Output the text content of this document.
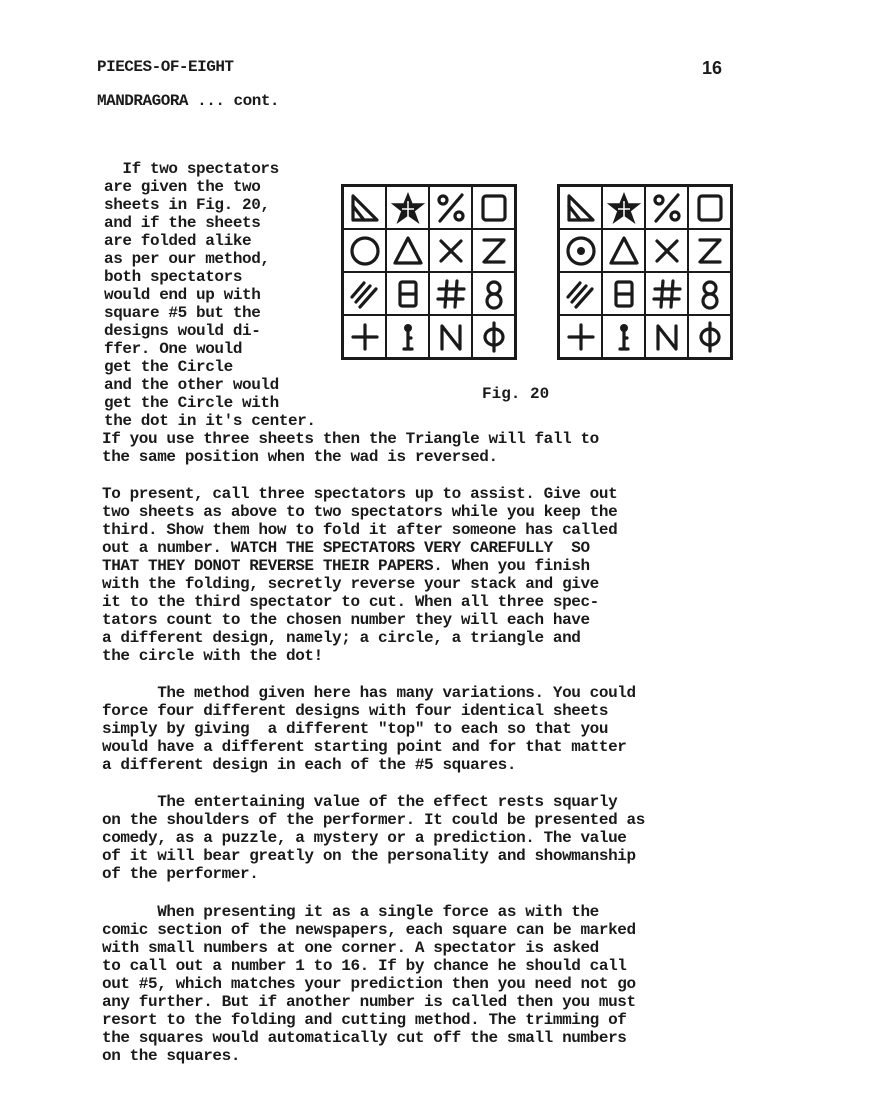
PIECES-OF-EIGHT	16
MANDRAGORA ... cont.
If two spectators
are given the two
sheets in Fig. 20,
and if the sheets
are folded alike
as per our method,
both spectators
would end up with
square #5 but the
designs would di-
ffer. One would
get the Circle
and the other would
get the Circle with
the dot in it's center.
Fig. 20
If you use three sheets then the Triangle will fall to
the same position when the wad is reversed.
To present, call three spectators up to assist. Give out
two sheets as above to two spectators while you keep the
third. Show them how to fold it after someone has called
out a number. WATCH THE SPECTATORS VERY CAREFULLY  SO
THAT THEY DONOT REVERSE THEIR PAPERS. When you finish
with the folding, secretly reverse your stack and give
it to the third spectator to cut. When all three spec-
tators count to the chosen number they will each have
a different design, namely; a circle, a triangle and
the circle with the dot!
The method given here has many variations. You could
force four different designs with four identical sheets
simply by giving  a different "top" to each so that you
would have a different starting point and for that matter
a different design in each of the #5 squares.
The entertaining value of the effect rests squarly
on the shoulders of the performer. It could be presented as
comedy, as a puzzle, a mystery or a prediction. The value
of it will bear greatly on the personality and showmanship
of the performer.
When presenting it as a single force as with the
comic section of the newspapers, each square can be marked
with small numbers at one corner. A spectator is asked
to call out a number 1 to 16. If by chance he should call
out #5, which matches your prediction then you need not go
any further. But if another number is called then you must
resort to the folding and cutting method. The trimming of
the squares would automatically cut off the small numbers
on the squares.
